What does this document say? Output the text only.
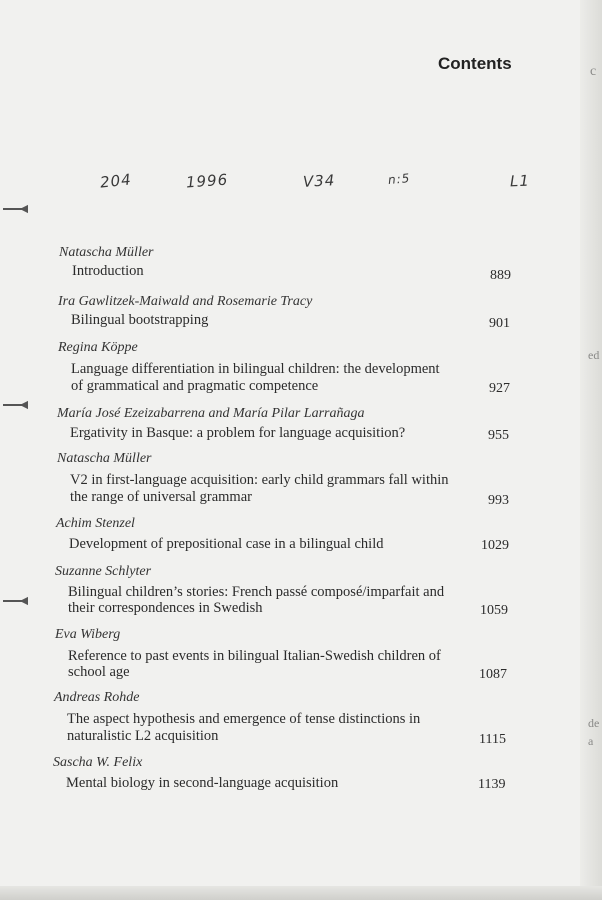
c
ed
de
a
Contents
204	1996	V34	n:5	L1
Natascha Müller
Introduction	889
Ira Gawlitzek-Maiwald and Rosemarie Tracy
Bilingual bootstrapping	901
Regina Köppe
Language differentiation in bilingual children: the development
of grammatical and pragmatic competence	927
María José Ezeizabarrena and María Pilar Larrañaga
Ergativity in Basque: a problem for language acquisition?	955
Natascha Müller
V2 in first-language acquisition: early child grammars fall within
the range of universal grammar	993
Achim Stenzel
Development of prepositional case in a bilingual child	1029
Suzanne Schlyter
Bilingual children’s stories: French passé composé/imparfait and
their correspondences in Swedish	1059
Eva Wiberg
Reference to past events in bilingual Italian-Swedish children of
school age	1087
Andreas Rohde
The aspect hypothesis and emergence of tense distinctions in
naturalistic L2 acquisition	1115
Sascha W. Felix
Mental biology in second-language acquisition	1139
